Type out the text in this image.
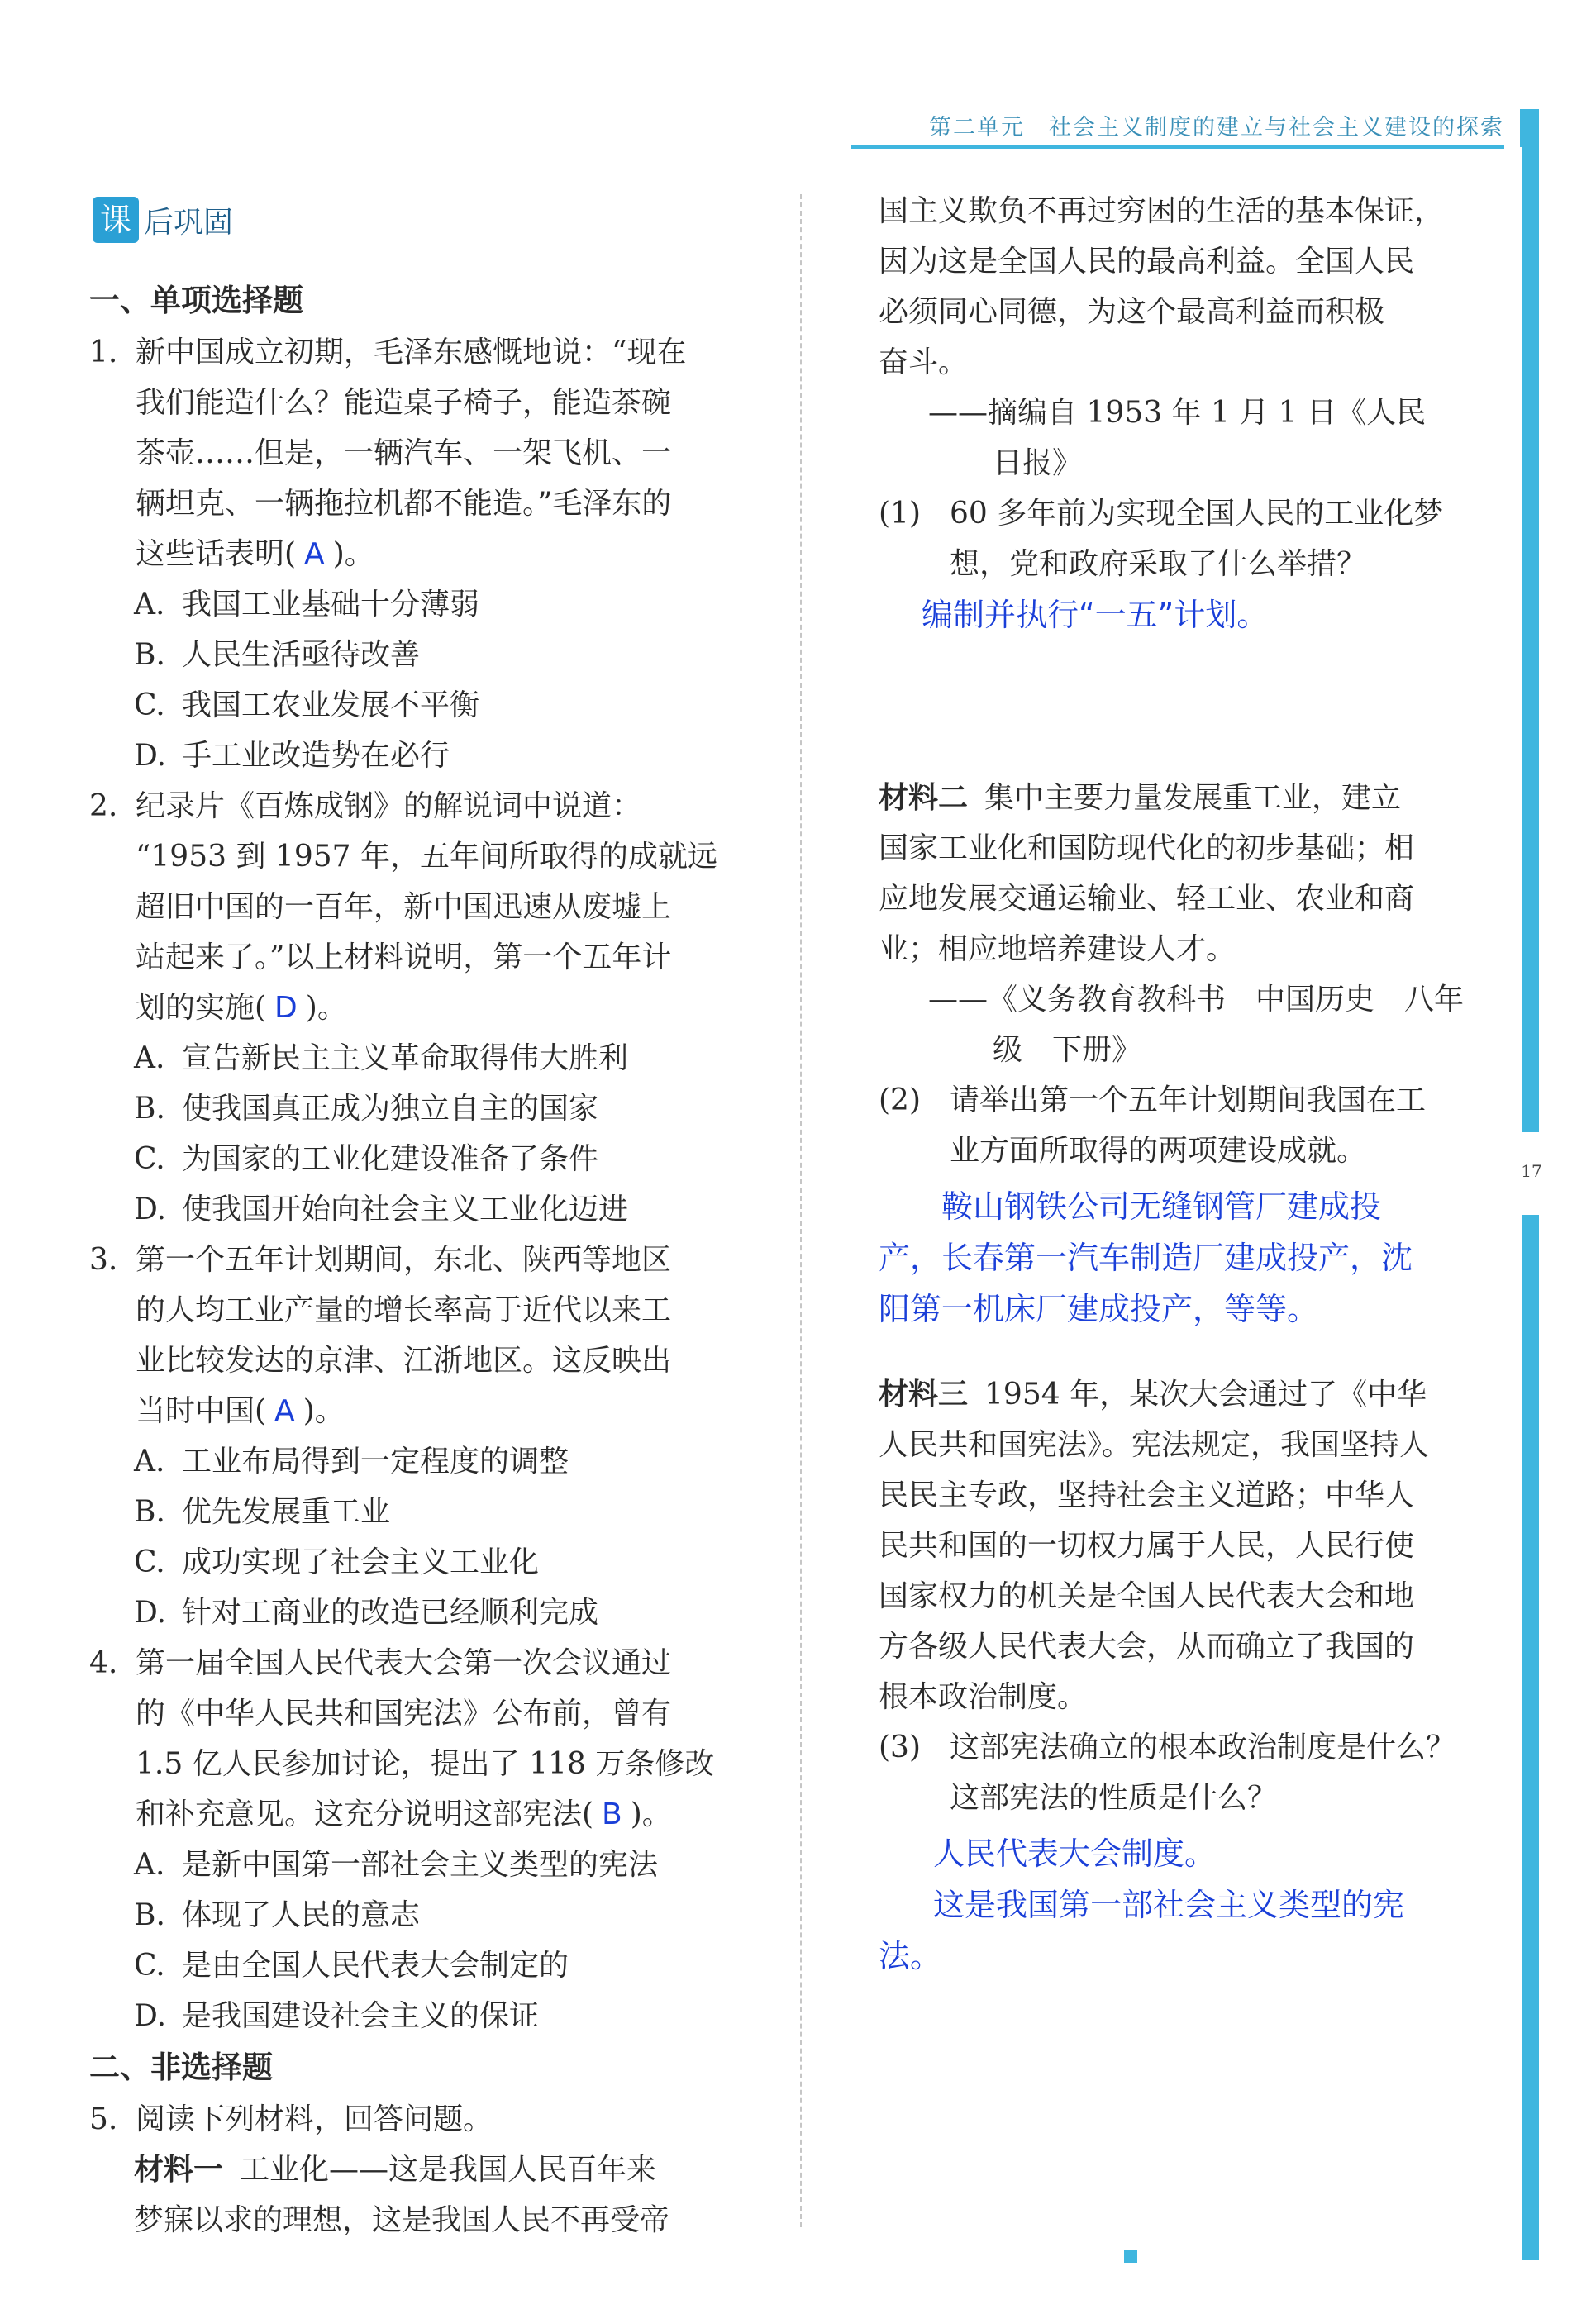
第二单元　社会主义制度的建立与社会主义建设的探索
17
课 后巩固
一、单项选择题
1. 新中国成立初期，毛泽东感慨地说：“现在
我们能造什么？能造桌子椅子，能造茶碗
茶壶……但是，一辆汽车、一架飞机、一
辆坦克、一辆拖拉机都不能造。”毛泽东的
这些话表明( A )。
A. 我国工业基础十分薄弱
B. 人民生活亟待改善
C. 我国工农业发展不平衡
D. 手工业改造势在必行
2. 纪录片《百炼成钢》的解说词中说道：
“1953 到 1957 年，五年间所取得的成就远
超旧中国的一百年，新中国迅速从废墟上
站起来了。”以上材料说明，第一个五年计
划的实施( D )。
A. 宣告新民主主义革命取得伟大胜利
B. 使我国真正成为独立自主的国家
C. 为国家的工业化建设准备了条件
D. 使我国开始向社会主义工业化迈进
3. 第一个五年计划期间，东北、陕西等地区
的人均工业产量的增长率高于近代以来工
业比较发达的京津、江浙地区。这反映出
当时中国( A )。
A. 工业布局得到一定程度的调整
B. 优先发展重工业
C. 成功实现了社会主义工业化
D. 针对工商业的改造已经顺利完成
4. 第一届全国人民代表大会第一次会议通过
的《中华人民共和国宪法》公布前，曾有
1.5 亿人民参加讨论，提出了 118 万条修改
和补充意见。这充分说明这部宪法( B )。
A. 是新中国第一部社会主义类型的宪法
B. 体现了人民的意志
C. 是由全国人民代表大会制定的
D. 是我国建设社会主义的保证
二、非选择题
5. 阅读下列材料，回答问题。
材料一 工业化——这是我国人民百年来
梦寐以求的理想，这是我国人民不再受帝
国主义欺负不再过穷困的生活的基本保证，
因为这是全国人民的最高利益。全国人民
必须同心同德，为这个最高利益而积极
奋斗。
——摘编自 1953 年 1 月 1 日《人民
日报》
(1) 60 多年前为实现全国人民的工业化梦
想，党和政府采取了什么举措？
编制并执行“一五”计划。
材料二 集中主要力量发展重工业，建立
国家工业化和国防现代化的初步基础；相
应地发展交通运输业、轻工业、农业和商
业；相应地培养建设人才。
——《义务教育教科书　中国历史　八年
级　下册》
(2) 请举出第一个五年计划期间我国在工
业方面所取得的两项建设成就。
鞍山钢铁公司无缝钢管厂建成投
产，长春第一汽车制造厂建成投产，沈
阳第一机床厂建成投产，等等。
材料三 1954 年，某次大会通过了《中华
人民共和国宪法》。宪法规定，我国坚持人
民民主专政，坚持社会主义道路；中华人
民共和国的一切权力属于人民，人民行使
国家权力的机关是全国人民代表大会和地
方各级人民代表大会，从而确立了我国的
根本政治制度。
(3) 这部宪法确立的根本政治制度是什么？
这部宪法的性质是什么？
人民代表大会制度。
这是我国第一部社会主义类型的宪
法。
